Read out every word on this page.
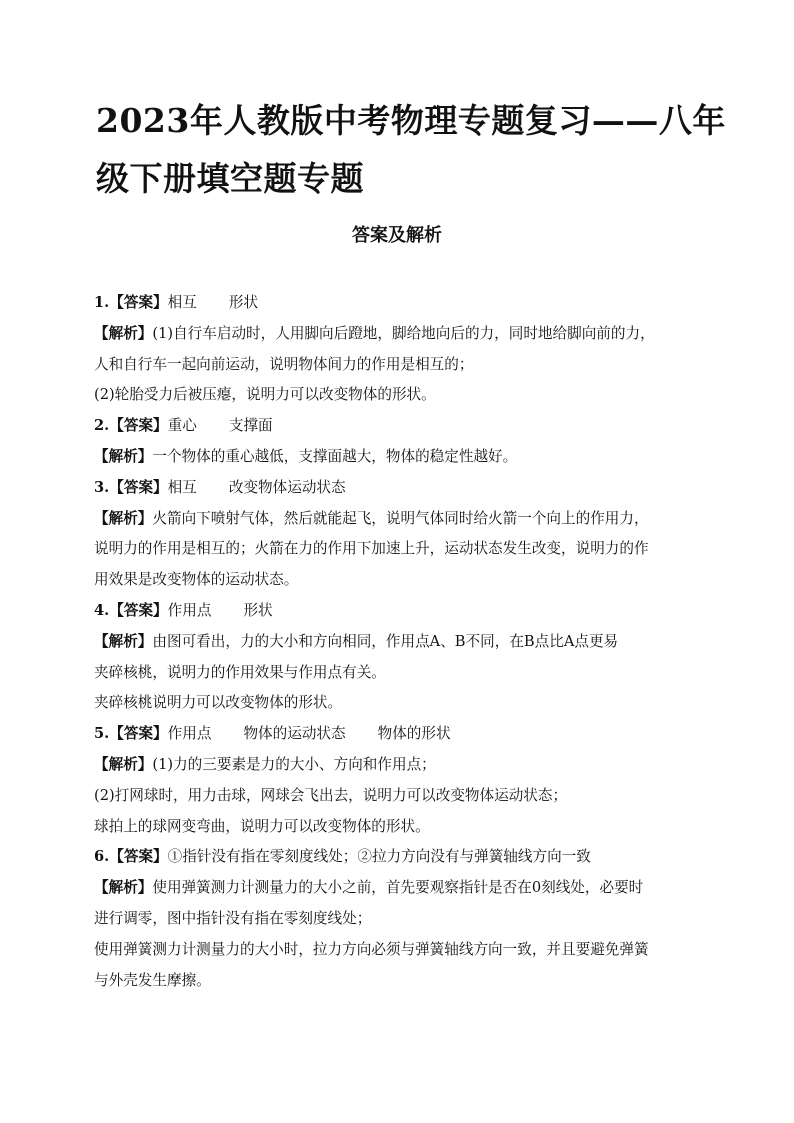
2023年人教版中考物理专题复习——八年
级下册填空题专题
答案及解析

1.【答案】相互 形状

【解析】(1)自行车启动时，人用脚向后蹬地，脚给地向后的力，同时地给脚向前的力，

人和自行车一起向前运动，说明物体间力的作用是相互的；

(2)轮胎受力后被压瘪，说明力可以改变物体的形状。

2.【答案】重心 支撑面

【解析】一个物体的重心越低，支撑面越大，物体的稳定性越好。

3.【答案】相互 改变物体运动状态

【解析】火箭向下喷射气体，然后就能起飞，说明气体同时给火箭一个向上的作用力，

说明力的作用是相互的；火箭在力的作用下加速上升，运动状态发生改变，说明力的作

用效果是改变物体的运动状态。

4.【答案】作用点 形状

【解析】由图可看出，力的大小和方向相同，作用点A、B不同，在B点比A点更易

夹碎核桃，说明力的作用效果与作用点有关。

夹碎核桃说明力可以改变物体的形状。

5.【答案】作用点 物体的运动状态 物体的形状

【解析】(1)力的三要素是力的大小、方向和作用点；

(2)打网球时，用力击球，网球会飞出去，说明力可以改变物体运动状态；

球拍上的球网变弯曲，说明力可以改变物体的形状。

6.【答案】①指针没有指在零刻度线处；②拉力方向没有与弹簧轴线方向一致

【解析】使用弹簧测力计测量力的大小之前，首先要观察指针是否在0刻线处，必要时

进行调零，图中指针没有指在零刻度线处；

使用弹簧测力计测量力的大小时，拉力方向必须与弹簧轴线方向一致，并且要避免弹簧

与外壳发生摩擦。
